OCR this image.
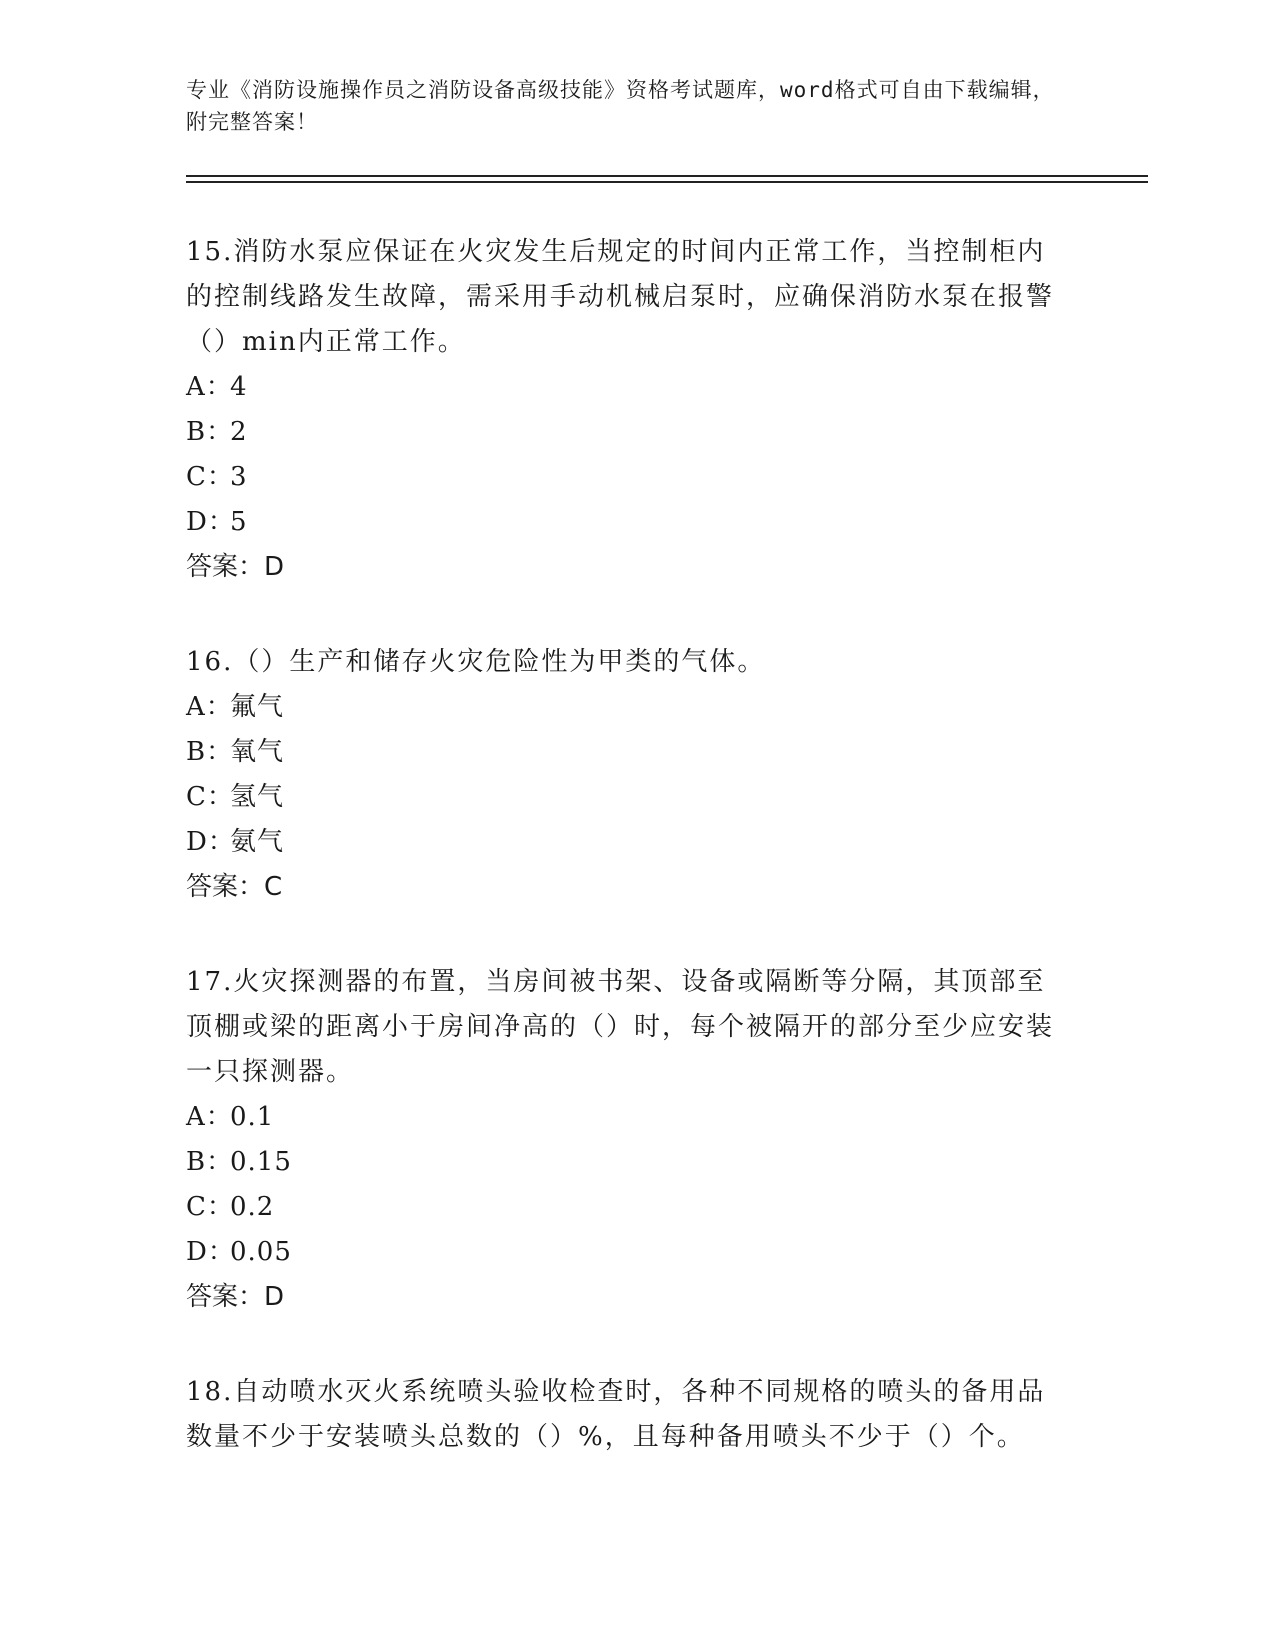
专业《消防设施操作员之消防设备高级技能》资格考试题库，word格式可自由下载编辑，附完整答案！
15.消防水泵应保证在火灾发生后规定的时间内正常工作，当控制柜内的控制线路发生故障，需采用手动机械启泵时，应确保消防水泵在报警（）min内正常工作。
A：
4
B：
2
C：
3
D：
5
答案：D
16.（）生产和储存火灾危险性为甲类的气体。
A：
氟气
B：
氧气
C：
氢气
D：
氨气
答案：C
17.火灾探测器的布置，当房间被书架、设备或隔断等分隔，其顶部至顶棚或梁的距离小于房间净高的（）时，每个被隔开的部分至少应安装一只探测器。
A：
0.1
B：
0.15
C：
0.2
D：
0.05
答案：D
18.自动喷水灭火系统喷头验收检查时，各种不同规格的喷头的备用品数量不少于安装喷头总数的（）%，且每种备用喷头不少于（）个。
